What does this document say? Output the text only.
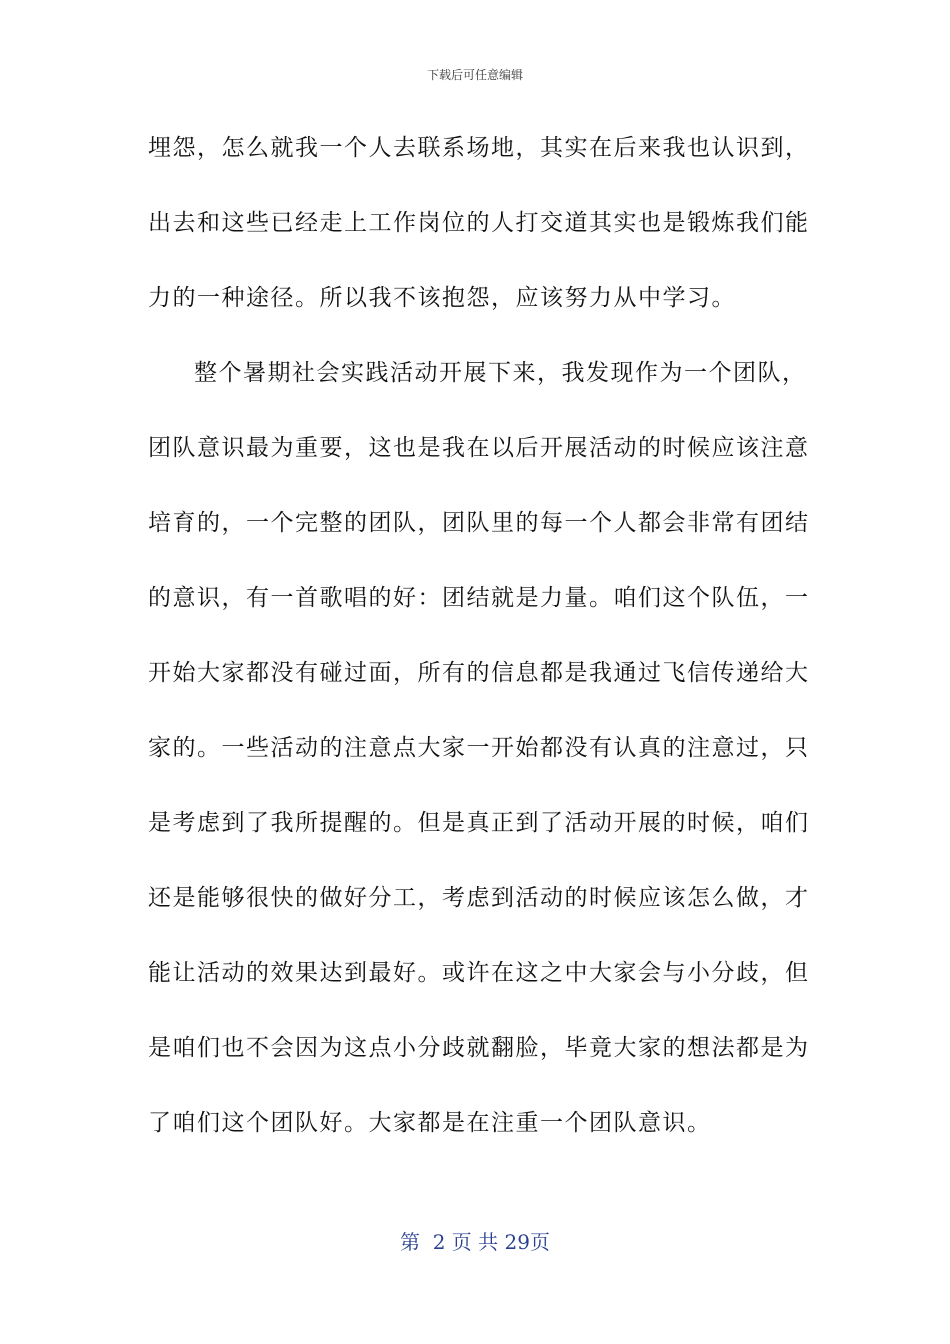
下载后可任意编辑

埋怨，怎么就我一个人去联系场地，其实在后来我也认识到，

出去和这些已经走上工作岗位的人打交道其实也是锻炼我们能

力的一种途径。所以我不该抱怨，应该努力从中学习。

整个暑期社会实践活动开展下来，我发现作为一个团队，

团队意识最为重要，这也是我在以后开展活动的时候应该注意

培育的，一个完整的团队，团队里的每一个人都会非常有团结

的意识，有一首歌唱的好：团结就是力量。咱们这个队伍，一

开始大家都没有碰过面，所有的信息都是我通过飞信传递给大

家的。一些活动的注意点大家一开始都没有认真的注意过，只

是考虑到了我所提醒的。但是真正到了活动开展的时候，咱们

还是能够很快的做好分工，考虑到活动的时候应该怎么做，才

能让活动的效果达到最好。或许在这之中大家会与小分歧，但

是咱们也不会因为这点小分歧就翻脸，毕竟大家的想法都是为

了咱们这个团队好。大家都是在注重一个团队意识。

第  2 页 共 29页
